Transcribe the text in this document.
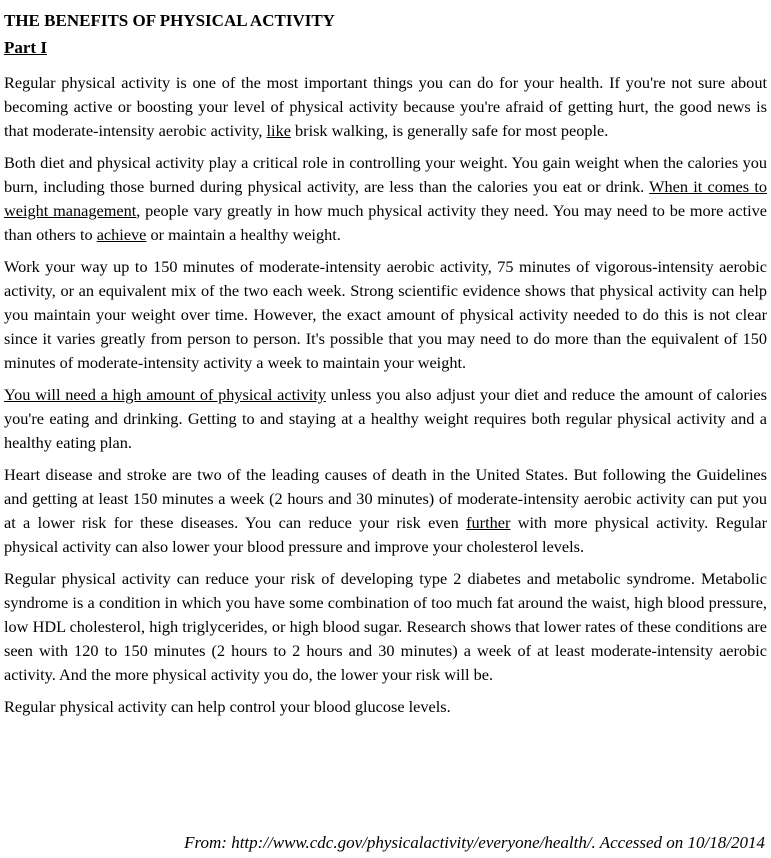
THE BENEFITS OF PHYSICAL ACTIVITY
Part I

Regular physical activity is one of the most important things you can do for your health. If you're not sure about becoming active or boosting your level of physical activity because you're afraid of getting hurt, the good news is that moderate-intensity aerobic activity, like brisk walking, is generally safe for most people.

Both diet and physical activity play a critical role in controlling your weight. You gain weight when the calories you burn, including those burned during physical activity, are less than the calories you eat or drink. When it comes to weight management, people vary greatly in how much physical activity they need. You may need to be more active than others to achieve or maintain a healthy weight.

Work your way up to 150 minutes of moderate-intensity aerobic activity, 75 minutes of vigorous-intensity aerobic activity, or an equivalent mix of the two each week. Strong scientific evidence shows that physical activity can help you maintain your weight over time. However, the exact amount of physical activity needed to do this is not clear since it varies greatly from person to person. It's possible that you may need to do more than the equivalent of 150 minutes of moderate-intensity activity a week to maintain your weight.

You will need a high amount of physical activity unless you also adjust your diet and reduce the amount of calories you're eating and drinking. Getting to and staying at a healthy weight requires both regular physical activity and a healthy eating plan.

Heart disease and stroke are two of the leading causes of death in the United States. But following the Guidelines and getting at least 150 minutes a week (2 hours and 30 minutes) of moderate-intensity aerobic activity can put you at a lower risk for these diseases. You can reduce your risk even further with more physical activity. Regular physical activity can also lower your blood pressure and improve your cholesterol levels.

Regular physical activity can reduce your risk of developing type 2 diabetes and metabolic syndrome. Metabolic syndrome is a condition in which you have some combination of too much fat around the waist, high blood pressure, low HDL cholesterol, high triglycerides, or high blood sugar. Research shows that lower rates of these conditions are seen with 120 to 150 minutes (2 hours to 2 hours and 30 minutes) a week of at least moderate-intensity aerobic activity. And the more physical activity you do, the lower your risk will be.

Regular physical activity can help control your blood glucose levels.

From: http://www.cdc.gov/physicalactivity/everyone/health/. Accessed on 10/18/2014
